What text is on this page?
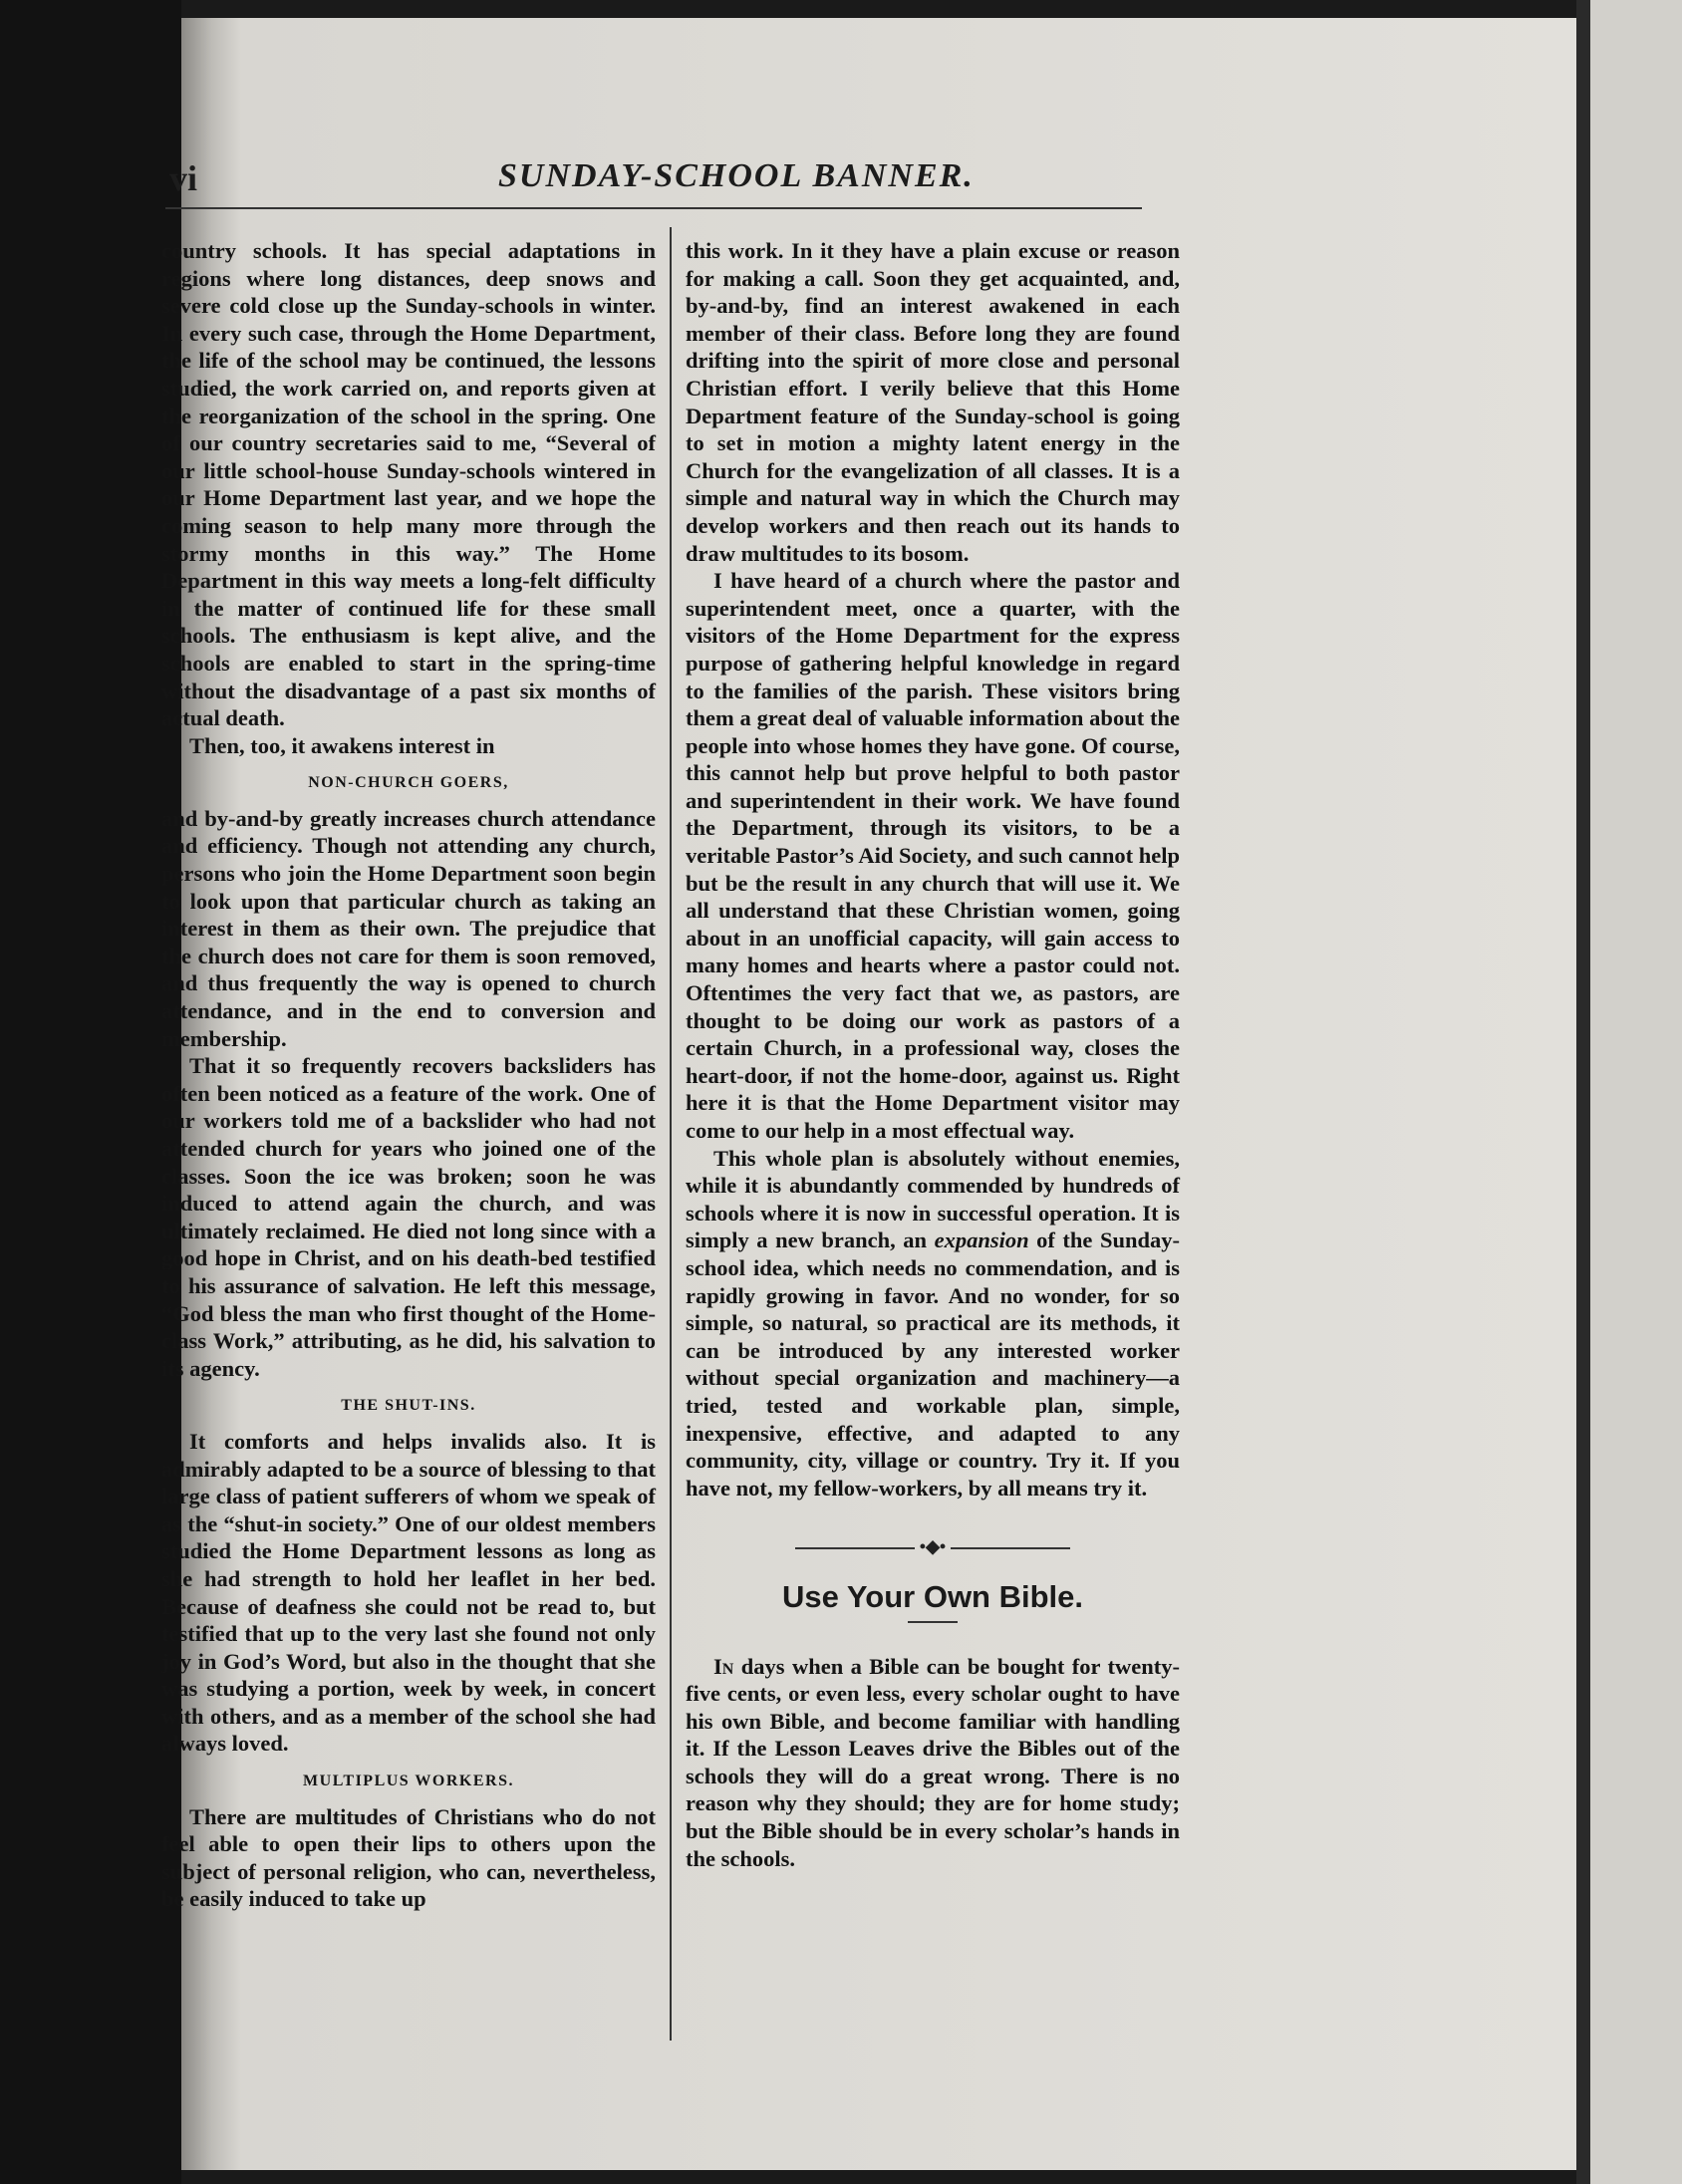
vi	SUNDAY-SCHOOL BANNER.

country schools. It has special adaptations in regions where long distances, deep snows and severe cold close up the Sunday-schools in winter. In every such case, through the Home Department, the life of the school may be continued, the lessons studied, the work carried on, and reports given at the reorganization of the school in the spring. One of our country secretaries said to me, “Several of our little school-house Sunday-schools wintered in our Home Department last year, and we hope the coming season to help many more through the stormy months in this way.” The Home Department in this way meets a long-felt difficulty in the matter of continued life for these small schools. The enthusiasm is kept alive, and the schools are enabled to start in the spring-time without the disadvantage of a past six months of actual death.

Then, too, it awakens interest in

NON-CHURCH GOERS,

and by-and-by greatly increases church attendance and efficiency. Though not attending any church, persons who join the Home Department soon begin to look upon that particular church as taking an interest in them as their own. The prejudice that the church does not care for them is soon removed, and thus frequently the way is opened to church attendance, and in the end to conversion and membership.

That it so frequently recovers backsliders has often been noticed as a feature of the work. One of our workers told me of a backslider who had not attended church for years who joined one of the classes. Soon the ice was broken; soon he was induced to attend again the church, and was ultimately reclaimed. He died not long since with a good hope in Christ, and on his death-bed testified to his assurance of salvation. He left this message, “God bless the man who first thought of the Home-class Work,” attributing, as he did, his salvation to its agency.

THE SHUT-INS.

It comforts and helps invalids also. It is admirably adapted to be a source of blessing to that large class of patient sufferers of whom we speak of as the “shut-in society.” One of our oldest members studied the Home Department lessons as long as she had strength to hold her leaflet in her bed. Because of deafness she could not be read to, but testified that up to the very last she found not only joy in God’s Word, but also in the thought that she was studying a portion, week by week, in concert with others, and as a member of the school she had always loved.

MULTIPLUS WORKERS.

There are multitudes of Christians who do not feel able to open their lips to others upon the subject of personal religion, who can, nevertheless, be easily induced to take up

this work. In it they have a plain excuse or reason for making a call. Soon they get acquainted, and, by-and-by, find an interest awakened in each member of their class. Before long they are found drifting into the spirit of more close and personal Christian effort. I verily believe that this Home Department feature of the Sunday-school is going to set in motion a mighty latent energy in the Church for the evangelization of all classes. It is a simple and natural way in which the Church may develop workers and then reach out its hands to draw multitudes to its bosom.

I have heard of a church where the pastor and superintendent meet, once a quarter, with the visitors of the Home Department for the express purpose of gathering helpful knowledge in regard to the families of the parish. These visitors bring them a great deal of valuable information about the people into whose homes they have gone. Of course, this cannot help but prove helpful to both pastor and superintendent in their work. We have found the Department, through its visitors, to be a veritable Pastor’s Aid Society, and such cannot help but be the result in any church that will use it. We all understand that these Christian women, going about in an unofficial capacity, will gain access to many homes and hearts where a pastor could not. Oftentimes the very fact that we, as pastors, are thought to be doing our work as pastors of a certain Church, in a professional way, closes the heart-door, if not the home-door, against us. Right here it is that the Home Department visitor may come to our help in a most effectual way.

This whole plan is absolutely without enemies, while it is abundantly commended by hundreds of schools where it is now in successful operation. It is simply a new branch, an expansion of the Sunday-school idea, which needs no commendation, and is rapidly growing in favor. And no wonder, for so simple, so natural, so practical are its methods, it can be introduced by any interested worker without special organization and machinery—a tried, tested and workable plan, simple, inexpensive, effective, and adapted to any community, city, village or country. Try it. If you have not, my fellow-workers, by all means try it.

•◆•
Use Your Own Bible.

In days when a Bible can be bought for twenty-five cents, or even less, every scholar ought to have his own Bible, and become familiar with handling it. If the Lesson Leaves drive the Bibles out of the schools they will do a great wrong. There is no reason why they should; they are for home study; but the Bible should be in every scholar’s hands in the schools.
